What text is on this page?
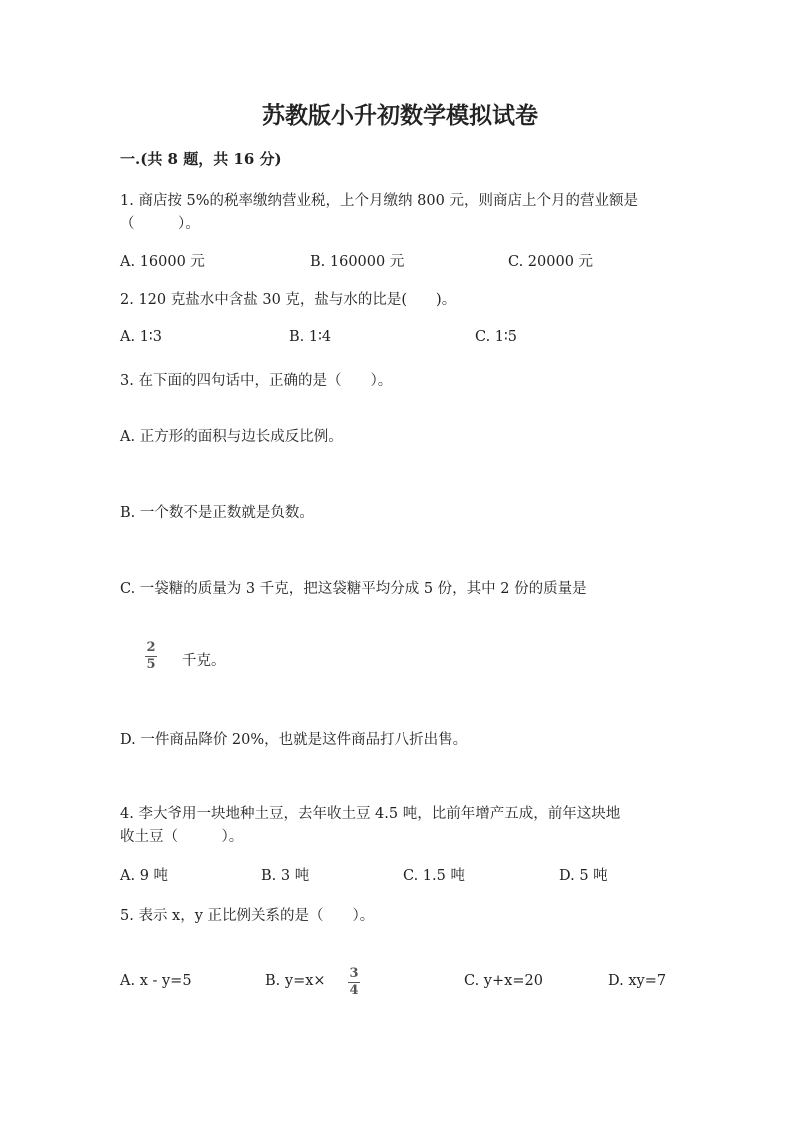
苏教版小升初数学模拟试卷
一.(共 8 题，共 16 分)
1. 商店按 5%的税率缴纳营业税，上个月缴纳 800 元，则商店上个月的营业额是
（　　　）。
A. 16000 元	B. 160000 元	C. 20000 元
2. 120 克盐水中含盐 30 克，盐与水的比是(　　)。
A. 1∶3	B. 1∶4	C. 1∶5
3. 在下面的四句话中，正确的是（　　）。
A. 正方形的面积与边长成反比例。
B. 一个数不是正数就是负数。
C. 一袋糖的质量为 3 千克，把这袋糖平均分成 5 份，其中 2 份的质量是
2
5 千克。
D. 一件商品降价 20%，也就是这件商品打八折出售。
4. 李大爷用一块地种土豆，去年收土豆 4.5 吨，比前年增产五成，前年这块地
收土豆（　　　）。
A. 9 吨	B. 3 吨	C. 1.5 吨	D. 5 吨
5. 表示 x，y 正比例关系的是（　　）。
A. x - y=5	B. y=x× 3
4
C. y+x=20	D. xy=7
